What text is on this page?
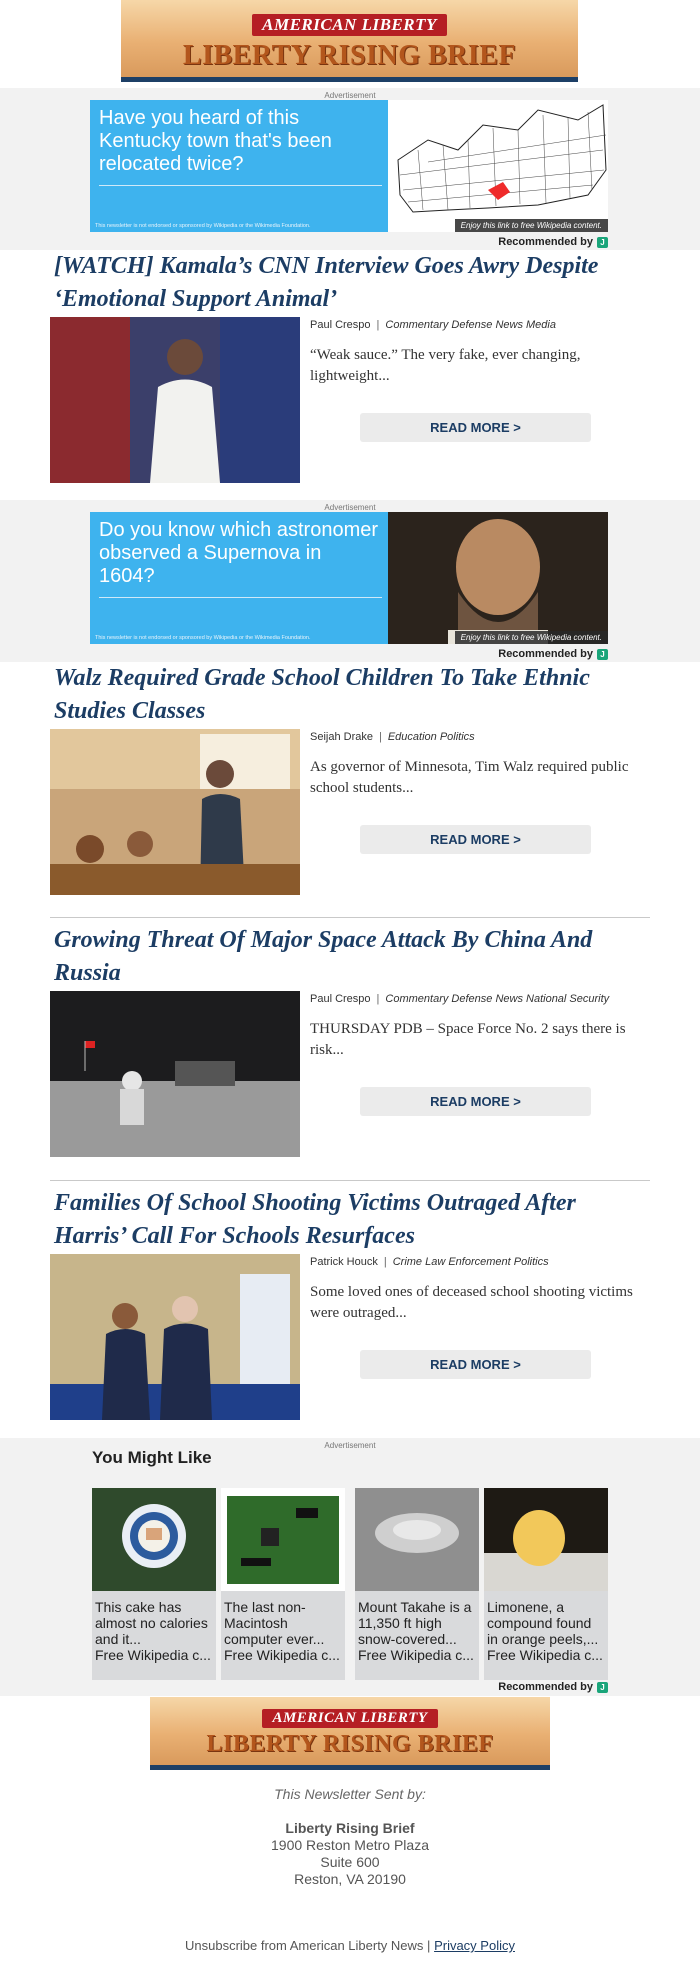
AMERICAN LIBERTY
LIBERTY RISING BRIEF
Advertisement
Have you heard of this Kentucky town that's been relocated twice?
This newsletter is not endorsed or sponsored by Wikipedia or the Wikimedia Foundation.	Enjoy this link to free Wikipedia content.
Recommended by J
[WATCH] Kamala’s CNN Interview Goes Awry Despite ‘Emotional Support Animal’
Paul Crespo | Commentary Defense News Media
“Weak sauce.” The very fake, ever changing, lightweight...
READ MORE >
Advertisement
Do you know which astronomer observed a Supernova in 1604?
This newsletter is not endorsed or sponsored by Wikipedia or the Wikimedia Foundation.	Enjoy this link to free Wikipedia content.
Recommended by J
Walz Required Grade School Children To Take Ethnic Studies Classes
Seijah Drake | Education Politics
As governor of Minnesota, Tim Walz required public school students...
READ MORE >
Growing Threat Of Major Space Attack By China And Russia
Paul Crespo | Commentary Defense News National Security
THURSDAY PDB – Space Force No. 2 says there is risk...
READ MORE >
Families Of School Shooting Victims Outraged After Harris’ Call For Schools Resurfaces
Patrick Houck | Crime Law Enforcement Politics
Some loved ones of deceased school shooting victims were outraged...
READ MORE >
Advertisement
You Might Like
This cake has almost no calories and it...
Free Wikipedia c...
The last non-Macintosh computer ever...
Free Wikipedia c...
Mount Takahe is a 11,350 ft high snow-covered...
Free Wikipedia c...
Limonene, a compound found in orange peels,...
Free Wikipedia c...
Recommended by J
AMERICAN LIBERTY
LIBERTY RISING BRIEF
This Newsletter Sent by:
Liberty Rising Brief
1900 Reston Metro Plaza
Suite 600
Reston, VA 20190
Unsubscribe from American Liberty News | Privacy Policy
